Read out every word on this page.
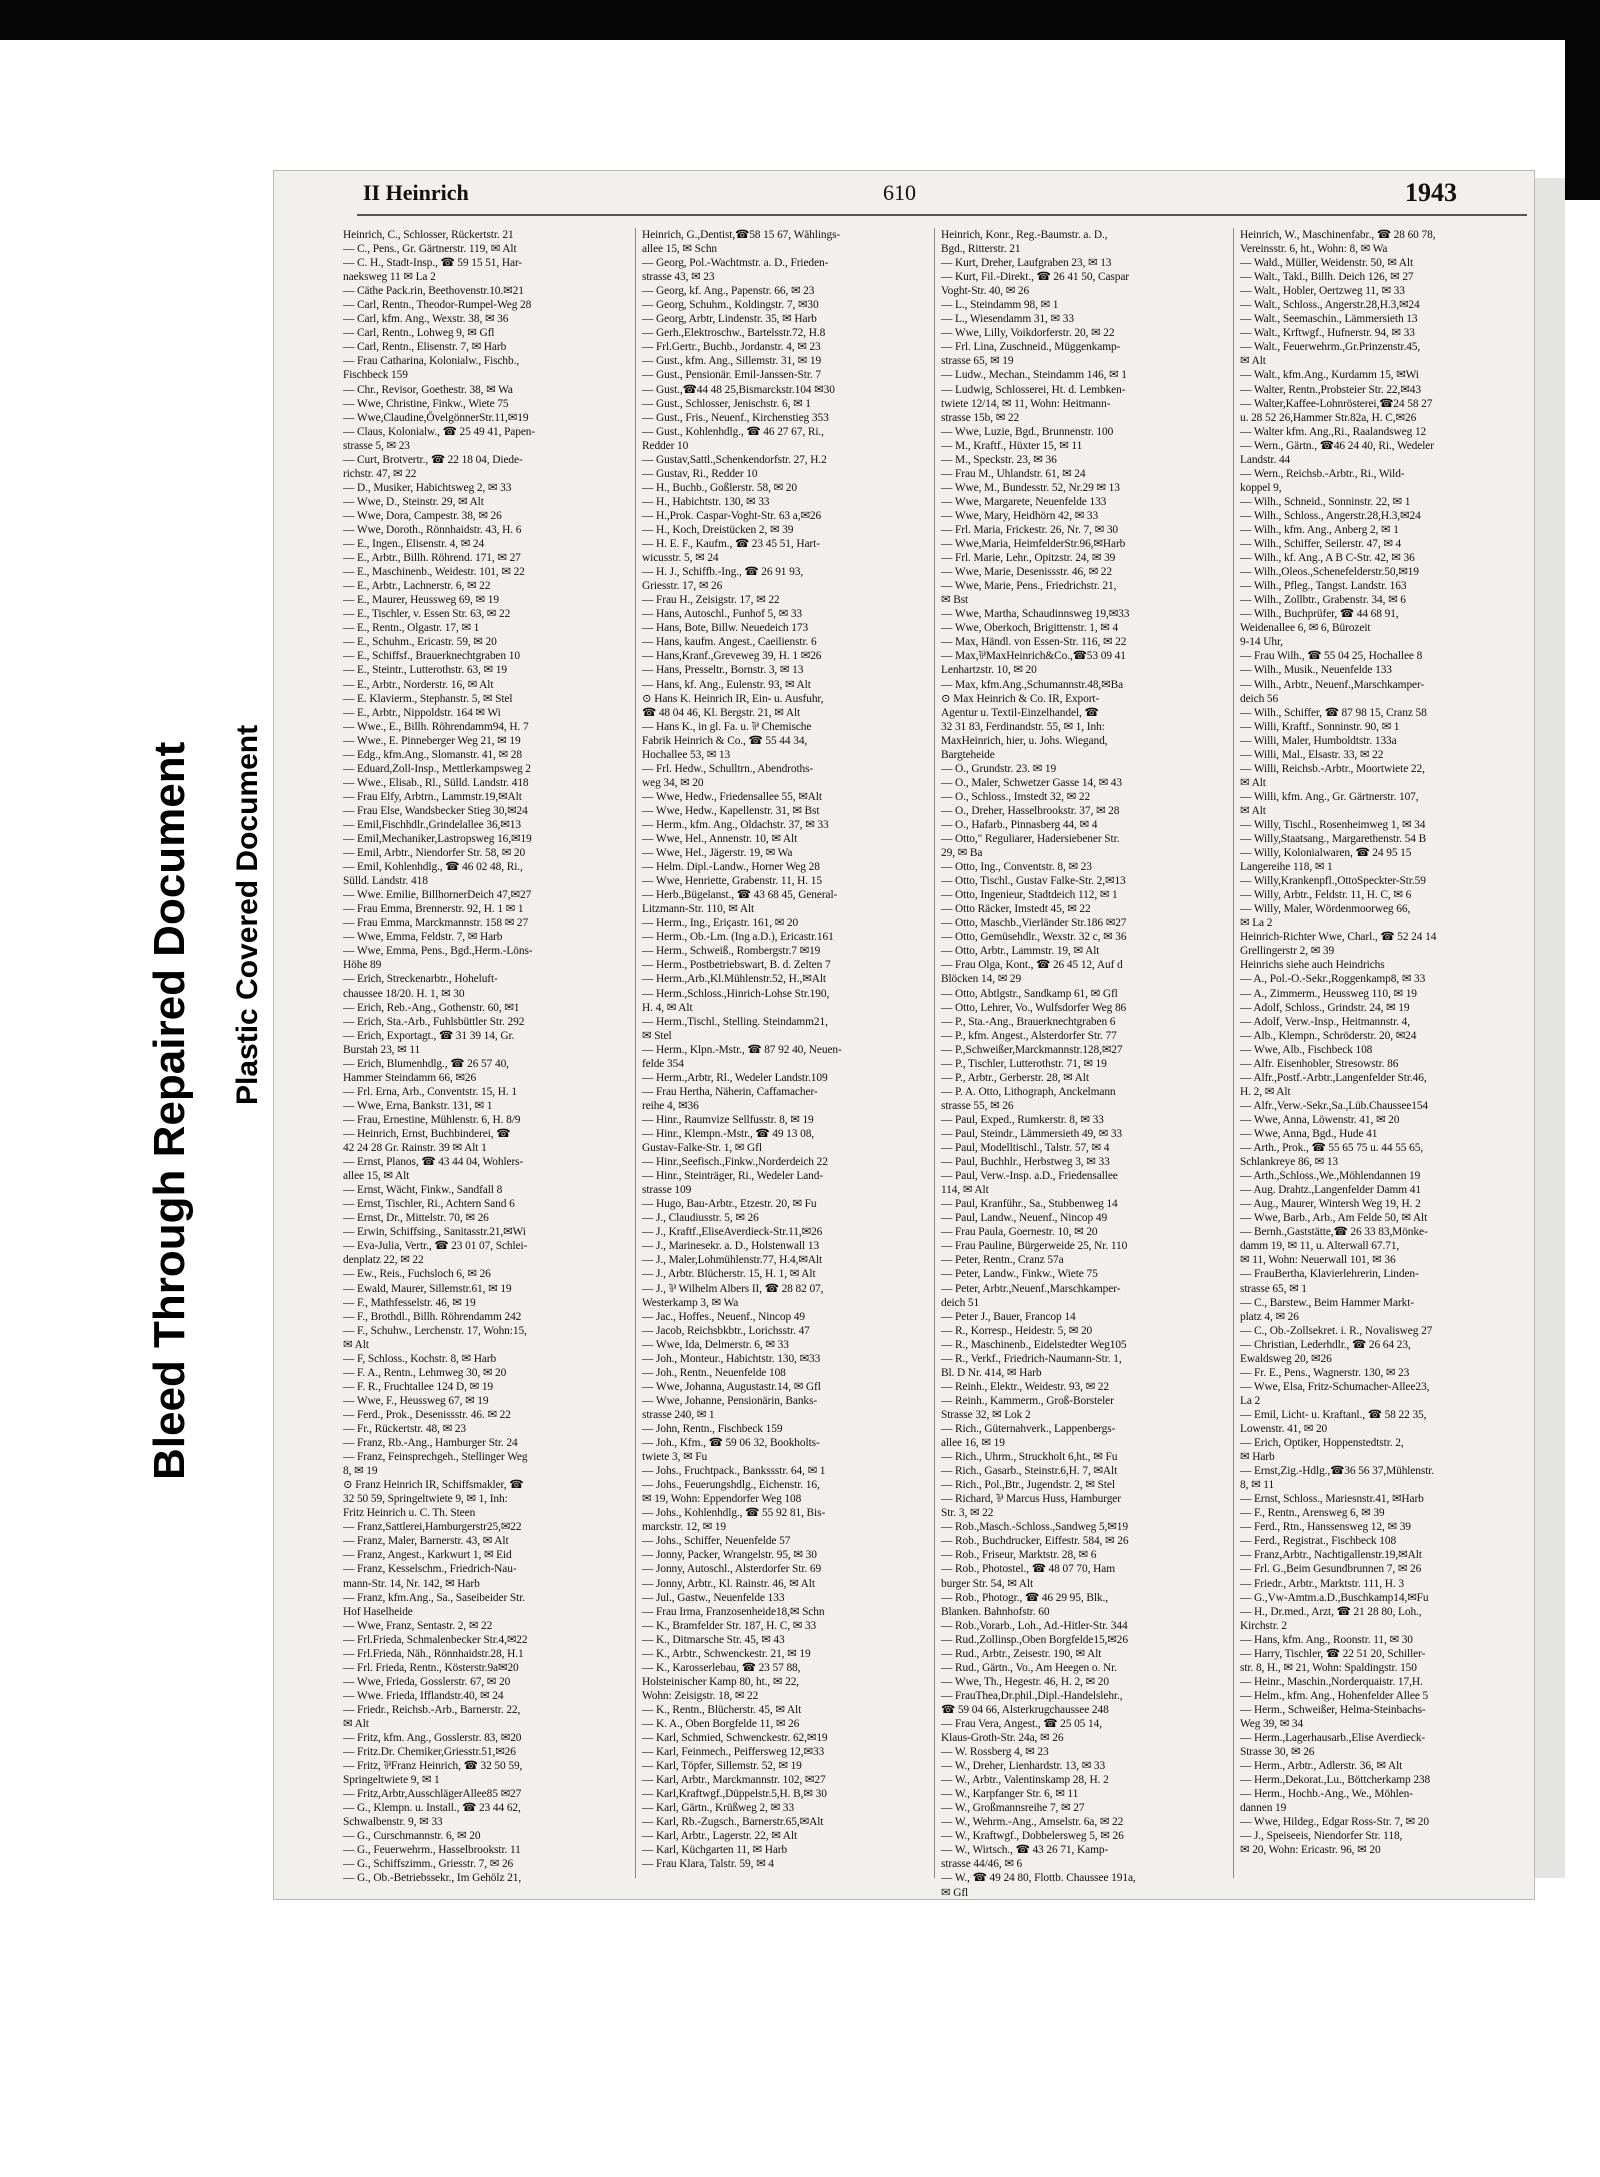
Bleed Through Repaired Document Plastic Covered Document
II Heinrich	610	1943
Heinrich, C., Schlosser, Rückertstr. 21
— C., Pens., Gr. Gärtnerstr. 119, ✉ Alt
— C. H., Stadt-Insp., ☎ 59 15 51, Har-
naeksweg 11 ✉ La 2
— Cäthe Pack.rin, Beethovenstr.10.✉21
— Carl, Rentn., Theodor-Rumpel-Weg 28
— Carl, kfm. Ang., Wexstr. 38, ✉ 36
— Carl, Rentn., Lohweg 9, ✉ Gfl
— Carl, Rentn., Elisenstr. 7, ✉ Harb
— Frau Catharina, Kolonialw., Fischb.,
Fischbeck 159
— Chr., Revisor, Goethestr. 38, ✉ Wa
— Wwe, Christine, Finkw., Wiete 75
— Wwe,Claudine,ÖvelgönnerStr.11,✉19
— Claus, Kolonialw., ☎ 25 49 41, Papen-
strasse 5, ✉ 23
— Curt, Brotvertr., ☎ 22 18 04, Diede-
richstr. 47, ✉ 22
— D., Musiker, Habichtsweg 2, ✉ 33
— Wwe, D., Steinstr. 29, ✉ Alt
— Wwe, Dora, Campestr. 38, ✉ 26
— Wwe, Doroth., Rönnhaidstr. 43, H. 6
— E., Ingen., Elisenstr. 4, ✉ 24
— E., Arbtr., Billh. Röhrend. 171, ✉ 27
— E., Maschinenb., Weidestr. 101, ✉ 22
— E., Arbtr., Lachnerstr. 6, ✉ 22
— E., Maurer, Heussweg 69, ✉ 19
— E., Tischler, v. Essen Str. 63, ✉ 22
— E., Rentn., Olgastr. 17, ✉ 1
— E., Schuhm., Ericastr. 59, ✉ 20
— E., Schiffsf., Brauerknechtgraben 10
— E., Steintr., Lutterothstr. 63, ✉ 19
— E., Arbtr., Norderstr. 16, ✉ Alt
— E. Klavierm., Stephanstr. 5, ✉ Stel
— E., Arbtr., Nippoldstr. 164 ✉ Wi
— Wwe., E., Billh. Röhrendamm94, H. 7
— Wwe., E. Pinneberger Weg 21, ✉ 19
— Edg., kfm.Ang., Slomanstr. 41, ✉ 28
— Eduard,Zoll-Insp., Mettlerkampsweg 2
— Wwe., Elisab., Rl., Sülld. Landstr. 418
— Frau Elfy, Arbtrn., Lammstr.19,✉Alt
— Frau Else, Wandsbecker Stieg 30,✉24
— Emil,Fischhdlr.,Grindelallee 36,✉13
— Emil,Mechaniker,Lastropsweg 16,✉19
— Emil, Arbtr., Niendorfer Str. 58, ✉ 20
— Emil, Kohlenhdlg., ☎ 46 02 48, Ri.,
Sülld. Landstr. 418
— Wwe. Emilie, BillhornerDeich 47,✉27
— Frau Emma, Brennerstr. 92, H. 1 ✉ 1
— Frau Emma, Marckmannstr. 158 ✉ 27
— Wwe, Emma, Feldstr. 7, ✉ Harb
— Wwe, Emma, Pens., Bgd.,Herm.-Löns-
Höhe 89
— Erich, Streckenarbtr., Hoheluft-
chaussee 18/20. H. 1, ✉ 30
— Erich, Reb.-Ang., Gothenstr. 60, ✉1
— Erich, Sta.-Arb., Fuhlsbüttler Str. 292
— Erich, Exportagt., ☎ 31 39 14, Gr.
Burstah 23, ✉ 11
— Erich, Blumenhdlg., ☎ 26 57 40,
Hammer Steindamm 66, ✉26
— Frl. Erna, Arb., Conventstr. 15, H. 1
— Wwe, Erna, Bankstr. 131, ✉ 1
— Frau, Ernestine, Mühlenstr. 6, H. 8/9
— Heinrich, Ernst, Buchbinderei, ☎
42 24 28 Gr. Rainstr. 39 ✉ Alt 1
— Ernst, Planos, ☎ 43 44 04, Wohlers-
allee 15, ✉ Alt
— Ernst, Wächt, Finkw., Sandfall 8
— Ernst, Tischler, Ri., Achtern Sand 6
— Ernst, Dr., Mittelstr. 70, ✉ 26
— Erwin, Schiffsing., Sanitasstr.21,✉Wi
— Eva-Julia, Vertr., ☎ 23 01 07, Schlei-
denplatz 22, ✉ 22
— Ew., Reis., Fuchsloch 6, ✉ 26
— Ewald, Maurer, Sillemstr.61, ✉ 19
— F., Mathfesselstr. 46, ✉ 19
— F., Brothdl., Billh. Röhrendamm 242
— F., Schuhw., Lerchenstr. 17, Wohn:15,
✉ Alt
— F, Schloss., Kochstr. 8, ✉ Harb
— F. A., Rentn., Lehmweg 30, ✉ 20
— F. R., Fruchtallee 124 D, ✉ 19
— Wwe, F., Heussweg 67, ✉ 19
— Ferd., Prok., Desenissstr. 46. ✉ 22
— Fr., Rückertstr. 48, ✉ 23
— Franz, Rb.-Ang., Hamburger Str. 24
— Franz, Feinsprechgeh., Stellinger Weg
8, ✉ 19
⊙ Franz Heinrich IR, Schiffsmakler, ☎
32 50 59, Springeltwiete 9, ✉ 1, Inh:
Fritz Heinrich u. C. Th. Steen
— Franz,Sattlerei,Hamburgerstr25,✉22
— Franz, Maler, Barnerstr. 43, ✉ Alt
— Franz, Angest., Karkwurt 1, ✉ Eid
— Franz, Kesselschm., Friedrich-Nau-
mann-Str. 14, Nr. 142, ✉ Harb
— Franz, kfm.Ang., Sa., Saseibeider Str.
Hof Haselheide
— Wwe, Franz, Sentastr. 2, ✉ 22
— Frl.Frieda, Schmalenbecker Str.4,✉22
— Frl.Frieda, Näh., Rönnhaidstr.28, H.1
— Frl. Frieda, Rentn., Kösterstr.9a✉20
— Wwe, Frieda, Gosslerstr. 67, ✉ 20
— Wwe. Frieda, Ifflandstr.40, ✉ 24
— Friedr., Reichsb.-Arb., Barnerstr. 22,
✉ Alt
— Fritz, kfm. Ang., Gosslerstr. 83, ✉20
— Fritz.Dr. Chemiker,Griesstr.51,✉26
— Fritz, ⅌Franz Heinrich, ☎ 32 50 59,
Springeltwiete 9, ✉ 1
— Fritz,Arbtr,AusschlägerAllee85 ✉27
— G., Klempn. u. Install., ☎ 23 44 62,
Schwalbenstr. 9, ✉ 33
— G., Curschmannstr. 6, ✉ 20
— G., Feuerwehrm., Hasselbrookstr. 11
— G., Schiffszimm., Griesstr. 7, ✉ 26
— G., Ob.-Betriebssekr., Im Gehölz 21,
Heinrich, G.,Dentist,☎58 15 67, Wählings-
allee 15, ✉ Schn
— Georg, Pol.-Wachtmstr. a. D., Frieden-
strasse 43, ✉ 23
— Georg, kf. Ang., Papenstr. 66, ✉ 23
— Georg, Schuhm., Koldingstr. 7, ✉30
— Georg, Arbtr, Lindenstr. 35, ✉ Harb
— Gerh.,Elektroschw., Bartelsstr.72, H.8
— Frl.Gertr., Buchb., Jordanstr. 4, ✉ 23
— Gust., kfm. Ang., Sillemstr. 31, ✉ 19
— Gust., Pensionär. Emil-Janssen-Str. 7
— Gust.,☎44 48 25,Bismarckstr.104 ✉30
— Gust., Schlosser, Jenischstr. 6, ✉ 1
— Gust., Fris., Neuenf., Kirchenstieg 353
— Gust., Kohlenhdlg., ☎ 46 27 67, Ri.,
Redder 10
— Gustav,Sattl.,Schenkendorfstr. 27, H.2
— Gustav, Ri., Redder 10
— H., Buchb., Goßlerstr. 58, ✉ 20
— H., Habichtstr. 130, ✉ 33
— H.,Prok. Caspar-Voght-Str. 63 a,✉26
— H., Koch, Dreistücken 2, ✉ 39
— H. E. F., Kaufm., ☎ 23 45 51, Hart-
wicusstr. 5, ✉ 24
— H. J., Schiffb.-Ing., ☎ 26 91 93,
Griesstr. 17, ✉ 26
— Frau H., Zeisigstr. 17, ✉ 22
— Hans, Autoschl., Funhof 5, ✉ 33
— Hans, Bote, Billw. Neuedeich 173
— Hans, kaufm. Angest., Caeilienstr. 6
— Hans,Kranf.,Greveweg 39, H. 1 ✉26
— Hans, Presseltr., Bornstr. 3, ✉ 13
— Hans, kf. Ang., Eulenstr. 93, ✉ Alt
⊙ Hans K. Heinrich IR, Ein- u. Ausfuhr,
☎ 48 04 46, Kl. Bergstr. 21, ✉ Alt
— Hans K., in gl. Fa. u. ⅌ Chemische
Fabrik Heinrich & Co., ☎ 55 44 34,
Hochallee 53, ✉ 13
— Frl. Hedw., Schulltrn., Abendroths-
weg 34, ✉ 20
— Wwe, Hedw., Friedensallee 55, ✉Alt
— Wwe, Hedw., Kapellenstr. 31, ✉ Bst
— Herm., kfm. Ang., Oldachstr. 37, ✉ 33
— Wwe, Hel., Annenstr. 10, ✉ Alt
— Wwe, Hel., Jägerstr. 19, ✉ Wa
— Helm. Dipl.-Landw., Horner Weg 28
— Wwe, Henriette, Grabenstr. 11, H. 15
— Herb.,Bügelanst., ☎ 43 68 45, General-
Litzmann-Str. 110, ✉ Alt
— Herm., Ing., Eriçastr. 161, ✉ 20
— Herm., Ob.-Lm. (Ing a.D.), Ericastr.161
— Herm., Schweiß., Rombergstr.7 ✉19
— Herm., Postbetriebswart, B. d. Zelten 7
— Herm.,Arb.,Kl.Mühlenstr.52, H.,✉Alt
— Herm.,Schloss.,Hinrich-Lohse Str.190,
H. 4, ✉ Alt
— Herm.,Tischl., Stelling. Steindamm21,
✉ Stel
— Herm., Klpn.-Mstr., ☎ 87 92 40, Neuen-
felde 354
— Herm.,Arbtr, Rl., Wedeler Landstr.109
— Frau Hertha, Näherin, Caffamacher-
reihe 4, ✉36
— Hinr., Raumvize Sellfusstr. 8, ✉ 19
— Hinr., Klempn.-Mstr., ☎ 49 13 08,
Gustav-Falke-Str. 1, ✉ Gfl
— Hinr.,Seefisch.,Finkw.,Norderdeich 22
— Hinr., Steinträger, Ri., Wedeler Land-
strasse 109
— Hugo, Bau-Arbtr., Etzestr. 20, ✉ Fu
— J., Claudiusstr. 5, ✉ 26
— J., Kraftf.,EliseAverdieck-Str.11,✉26
— J., Marinesekr. a. D., Holstenwall 13
— J., Maler,Lohmühlenstr.77, H.4,✉Alt
— J., Arbtr. Blücherstr. 15, H. 1, ✉ Alt
— J., ⅌ Wilhelm Albers II, ☎ 28 82 07,
Westerkamp 3, ✉ Wa
— Jac., Hoffes., Neuenf., Nincop 49
— Jacob, Reichsbkbtr., Lorichsstr. 47
— Wwe, Ida, Delmerstr. 6, ✉ 33
— Joh., Monteur., Habichtstr. 130, ✉33
— Joh., Rentn., Neuenfelde 108
— Wwe, Johanna, Augustastr.14, ✉ Gfl
— Wwe, Johanne, Pensionärin, Banks-
strasse 240, ✉ 1
— John, Rentn., Fischbeck 159
— Joh., Kfm., ☎ 59 06 32, Bookholts-
twiete 3, ✉ Fu
— Johs., Fruchtpack., Bankssstr. 64, ✉ 1
— Johs., Feuerungshdlg., Eichenstr. 16,
✉ 19, Wohn: Eppendorfer Weg 108
— Johs., Kohlenhdlg., ☎ 55 92 81, Bis-
marckstr. 12, ✉ 19
— Johs., Schiffer, Neuenfelde 57
— Jonny, Packer, Wrangelstr. 95, ✉ 30
— Jonny, Autoschl., Alsterdorfer Str. 69
— Jonny, Arbtr., Kl. Rainstr. 46, ✉ Alt
— Jul., Gastw., Neuenfelde 133
— Frau Irma, Franzosenheide18,✉ Schn
— K., Bramfelder Str. 187, H. C, ✉ 33
— K., Ditmarsche Str. 45, ✉ 43
— K., Arbtr., Schwenckestr. 21, ✉ 19
— K., Karosserlebau, ☎ 23 57 88,
Holsteinischer Kamp 80, ht., ✉ 22,
Wohn: Zeisigstr. 18, ✉ 22
— K., Rentn., Blücherstr. 45, ✉ Alt
— K. A., Oben Borgfelde 11, ✉ 26
— Karl, Schmied, Schwenckestr. 62,✉19
— Karl, Feinmech., Peiffersweg 12,✉33
— Karl, Töpfer, Sillemstr. 52, ✉ 19
— Karl, Arbtr., Marckmannstr. 102, ✉27
— Karl,Kraftwgf.,Düppelstr.5,H. B,✉ 30
— Karl, Gärtn., Krüßweg 2, ✉ 33
— Karl, Rb.-Zugsch., Barnerstr.65,✉Alt
— Karl, Arbtr., Lagerstr. 22, ✉ Alt
— Karl, Küchgarten 11, ✉ Harb
— Frau Klara, Talstr. 59, ✉ 4
Heinrich, Konr., Reg.-Baumstr. a. D.,
Bgd., Ritterstr. 21
— Kurt, Dreher, Laufgraben 23, ✉ 13
— Kurt, Fil.-Direkt., ☎ 26 41 50, Caspar
Voght-Str. 40, ✉ 26
— L., Steindamm 98, ✉ 1
— L., Wiesendamm 31, ✉ 33
— Wwe, Lilly, Voikdorferstr. 20, ✉ 22
— Frl. Lina, Zuschneid., Müggenkamp-
strasse 65, ✉ 19
— Ludw., Mechan., Steindamm 146, ✉ 1
— Ludwig, Schlosserei, Ht. d. Lembken-
twiete 12/14, ✉ 11, Wohn: Heitmann-
strasse 15b, ✉ 22
— Wwe, Luzie, Bgd., Brunnenstr. 100
— M., Kraftf., Hüxter 15, ✉ 11
— M., Speckstr. 23, ✉ 36
— Frau M., Uhlandstr. 61, ✉ 24
— Wwe, M., Bundesstr. 52, Nr.29 ✉ 13
— Wwe, Margarete, Neuenfelde 133
— Wwe, Mary, Heidhörn 42, ✉ 33
— Frl. Maria, Frickestr. 26, Nr. 7, ✉ 30
— Wwe,Maria, HeimfelderStr.96,✉Harb
— Frl. Marie, Lehr., Opitzstr. 24, ✉ 39
— Wwe, Marie, Desenissstr. 46, ✉ 22
— Wwe, Marie, Pens., Friedrichstr. 21,
✉ Bst
— Wwe, Martha, Schaudinnsweg 19,✉33
— Wwe, Oberkoch, Brigittenstr. 1, ✉ 4
— Max, Händl. von Essen-Str. 116, ✉ 22
— Max,⅌MaxHeinrich&Co.,☎53 09 41
Lenhartzstr. 10, ✉ 20
— Max, kfm.Ang.,Schumannstr.48,✉Ba
⊙ Max Heinrich & Co. IR, Export-
Agentur u. Textil-Einzelhandel, ☎
32 31 83, Ferdinandstr. 55, ✉ 1, Inh:
MaxHeinrich, hier, u. Johs. Wiegand,
Bargteheide
— O., Grundstr. 23. ✉ 19
— O., Maler, Schwetzer Gasse 14, ✉ 43
— O., Schloss., Imstedt 32, ✉ 22
— O., Dreher, Hasselbrookstr. 37, ✉ 28
— O., Hafarb., Pinnasberg 44, ✉ 4
— Otto," Reguliarer, Hadersiebener Str.
29, ✉ Ba
— Otto, Ing., Conventstr. 8, ✉ 23
— Otto, Tischl., Gustav Falke-Str. 2,✉13
— Otto, Ingenieur, Stadtdeich 112, ✉ 1
— Otto Räcker, Imstedt 45, ✉ 22
— Otto, Maschb.,Vierländer Str.186 ✉27
— Otto, Gemüsehdlr., Wexstr. 32 c, ✉ 36
— Otto, Arbtr., Lammstr. 19, ✉ Alt
— Frau Olga, Kont., ☎ 26 45 12, Auf d
Blöcken 14, ✉ 29
— Otto, Abtlgstr., Sandkamp 61, ✉ Gfl
— Otto, Lehrer, Vo., Wulfsdorfer Weg 86
— P., Sta.-Ang., Brauerknechtgraben 6
— P., kfm. Angest., Alsterdorfer Str. 77
— P.,Schweißer,Marckmannstr.128,✉27
— P., Tischler, Lutterothstr. 71, ✉ 19
— P., Arbtr., Gerberstr. 28, ✉ Alt
— P. A. Otto, Lithograph, Anckelmann
strasse 55, ✉ 26
— Paul, Exped., Rumkerstr. 8, ✉ 33
— Paul, Steindr., Lämmersieth 49, ✉ 33
— Paul, Modelltischl., Talstr. 57, ✉ 4
— Paul, Buchhlr., Herbstweg 3, ✉ 33
— Paul, Verw.-Insp. a.D., Friedensallee
114, ✉ Alt
— Paul, Kranführ., Sa., Stubbenweg 14
— Paul, Landw., Neuenf., Nincop 49
— Frau Paula, Goernestr. 10, ✉ 20
— Frau Pauline, Bürgerweide 25, Nr. 110
— Peter, Rentn., Cranz 57a
— Peter, Landw., Finkw., Wiete 75
— Peter, Arbtr.,Neuenf.,Marschkamper-
deich 51
— Peter J., Bauer, Francop 14
— R., Korresp., Heidestr. 5, ✉ 20
— R., Maschinenb., Eidelstedter Weg105
— R., Verkf., Friedrich-Naumann-Str. 1,
Bl. D Nr. 414, ✉ Harb
— Reinh., Elektr., Weidestr. 93, ✉ 22
— Reinh., Kammerm., Groß-Borsteler
Strasse 32, ✉ Lok 2
— Rich., Güternahverk., Lappenbergs-
allee 16, ✉ 19
— Rich., Uhrm., Struckholt 6,ht., ✉ Fu
— Rich., Gasarb., Steinstr.6,H. 7, ✉Alt
— Rich., Pol.,Btr., Jugendstr. 2, ✉ Stel
— Richard, ⅌ Marcus Huss, Hamburger
Str. 3, ✉ 22
— Rob.,Masch.-Schloss.,Sandweg 5,✉19
— Rob., Buchdrucker, Eiffestr. 584, ✉ 26
— Rob., Friseur, Marktstr. 28, ✉ 6
— Rob., Photostel., ☎ 48 07 70, Ham
burger Str. 54, ✉ Alt
— Rob., Photogr., ☎ 46 29 95, Blk.,
Blanken. Bahnhofstr. 60
— Rob.,Vorarb., Loh., Ad.-Hitler-Str. 344
— Rud.,Zollinsp.,Oben Borgfelde15,✉26
— Rud., Arbtr., Zeisestr. 190, ✉ Alt
— Rud., Gärtn., Vo., Am Heegen o. Nr.
— Wwe, Th., Hegestr. 46, H. 2, ✉ 20
— FrauThea,Dr.phil.,Dipl.-Handelslehr.,
☎ 59 04 66, Alsterkrugchaussee 248
— Frau Vera, Angest., ☎ 25 05 14,
Klaus-Groth-Str. 24a, ✉ 26
— W. Rossberg 4, ✉ 23
— W., Dreher, Lienhardstr. 13, ✉ 33
— W., Arbtr., Valentinskamp 28, H. 2
— W., Karpfanger Str. 6, ✉ 11
— W., Großmannsreihe 7, ✉ 27
— W., Wehrm.-Ang., Amselstr. 6a, ✉ 22
— W., Kraftwgf., Dobbelersweg 5, ✉ 26
— W., Wirtsch., ☎ 43 26 71, Kamp-
strasse 44/46, ✉ 6
— W., ☎ 49 24 80, Flottb. Chaussee 191a,
✉ Gfl
Heinrich, W., Maschinenfabr., ☎ 28 60 78,
Vereinsstr. 6, ht., Wohn: 8, ✉ Wa
— Wald., Müller, Weidenstr. 50, ✉ Alt
— Walt., Takl., Billh. Deich 126, ✉ 27
— Walt., Hobler, Oertzweg 11, ✉ 33
— Walt., Schloss., Angerstr.28,H.3,✉24
— Walt., Seemaschin., Lämmersieth 13
— Walt., Krftwgf., Hufnerstr. 94, ✉ 33
— Walt., Feuerwehrm.,Gr.Prinzenstr.45,
✉ Alt
— Walt., kfm.Ang., Kurdamm 15, ✉Wi
— Walter, Rentn.,Probsteier Str. 22,✉43
— Walter,Kaffee-Lohnrösterei,☎24 58 27
u. 28 52 26,Hammer Str.82a, H. C,✉26
— Walter kfm. Ang.,Ri., Raalandsweg 12
— Wern., Gärtn., ☎46 24 40, Ri., Wedeler
Landstr. 44
— Wern., Reichsb.-Arbtr., Ri., Wild-
koppel 9,
— Wilh., Schneid., Sonninstr. 22, ✉ 1
— Wilh., Schloss., Angerstr.28,H.3,✉24
— Wilh., kfm. Ang., Anberg 2, ✉ 1
— Wilh., Schiffer, Seilerstr. 47, ✉ 4
— Wilh., kf. Ang., A B C-Str. 42, ✉ 36
— Wilh.,Oleos.,Schenefelderstr.50,✉19
— Wilh., Pfleg., Tangst. Landstr. 163
— Wilh., Zollbtr., Grabenstr. 34, ✉ 6
— Wilh., Buchprüfer, ☎ 44 68 91,
Weidenallee 6, ✉ 6, Bürozeit
9-14 Uhr,
— Frau Wilh., ☎ 55 04 25, Hochallee 8
— Wilh., Musik., Neuenfelde 133
— Wilh., Arbtr., Neuenf.,Marschkamper-
deich 56
— Wilh., Schiffer, ☎ 87 98 15, Cranz 58
— Willi, Kraftf., Sonninstr. 90, ✉ 1
— Willi, Maler, Humboldtstr. 133a
— Willi, Mal., Elsastr. 33, ✉ 22
— Willi, Reichsb.-Arbtr., Moortwiete 22,
✉ Alt
— Willi, kfm. Ang., Gr. Gärtnerstr. 107,
✉ Alt
— Willy, Tischl., Rosenheimweg 1, ✉ 34
— Willy,Staatsang., Margarethenstr. 54 B
— Willy, Kolonialwaren, ☎ 24 95 15
Langereihe 118, ✉ 1
— Willy,Krankenpfl.,OttoSpeckter-Str.59
— Willy, Arbtr., Feldstr. 11, H. C, ✉ 6
— Willy, Maler, Wördenmoorweg 66,
✉ La 2
Heinrich-Richter Wwe, Charl., ☎ 52 24 14
Grellingerstr 2, ✉ 39
Heinrichs siehe auch Heindrichs
— A., Pol.-O.-Sekr.,Roggenkamp8, ✉ 33
— A., Zimmerm., Heussweg 110, ✉ 19
— Adolf, Schloss., Grindstr. 24, ✉ 19
— Adolf, Verw.-Insp., Heitmannstr. 4,
— Alb., Klempn., Schröderstr. 20, ✉24
— Wwe, Alb., Fischbeck 108
— Alfr. Eisenhobler, Stresowstr. 86
— Alfr.,Postf.-Arbtr.,Langenfelder Str.46,
H. 2, ✉ Alt
— Alfr.,Verw.-Sekr.,Sa.,Lüb.Chaussee154
— Wwe, Anna, Löwenstr. 41, ✉ 20
— Wwe, Anna, Bgd., Hude 41
— Arth., Prok., ☎ 55 65 75 u. 44 55 65,
Schlankreye 86, ✉ 13
— Arth.,Schloss.,We.,Möhlendannen 19
— Aug. Drahtz.,Langenfelder Damm 41
— Aug., Maurer, Wintersh Weg 19, H. 2
— Wwe, Barb., Arb., Am Felde 50, ✉ Alt
— Bernh.,Gaststätte,☎ 26 33 83,Mönke-
damm 19, ✉ 11, u. Alterwall 67.71,
✉ 11, Wohn: Neuerwall 101, ✉ 36
— FrauBertha, Klavierlehrerin, Linden-
strasse 65, ✉ 1
— C., Barstew., Beim Hammer Markt-
platz 4, ✉ 26
— C., Ob.-Zollsekret. i. R., Novalisweg 27
— Christian, Lederhdlr., ☎ 26 64 23,
Ewaldsweg 20, ✉26
— Fr. E., Pens., Wagnerstr. 130, ✉ 23
— Wwe, Elsa, Fritz-Schumacher-Allee23,
La 2
— Emil, Licht- u. Kraftanl., ☎ 58 22 35,
Lowenstr. 41, ✉ 20
— Erich, Optiker, Hoppenstedtstr. 2,
✉ Harb
— Ernst,Zig.-Hdlg.,☎36 56 37,Mühlenstr.
8, ✉ 11
— Ernst, Schloss., Mariesnstr.41, ✉Harb
— F., Rentn., Arensweg 6, ✉ 39
— Ferd., Rtn., Hanssensweg 12, ✉ 39
— Ferd., Registrat., Fischbeck 108
— Franz,Arbtr., Nachtigallenstr.19,✉Alt
— Frl. G.,Beim Gesundbrunnen 7, ✉ 26
— Friedr., Arbtr., Marktstr. 111, H. 3
— G.,Vw-Amtm.a.D.,Buschkamp14,✉Fu
— H., Dr.med., Arzt, ☎ 21 28 80, Loh.,
Kirchstr. 2
— Hans, kfm. Ang., Roonstr. 11, ✉ 30
— Harry, Tischler, ☎ 22 51 20, Schiller-
str. 8, H., ✉ 21, Wohn: Spaldingstr. 150
— Heinr., Maschin.,Norderquaistr. 17,H.
— Helm., kfm. Ang., Hohenfelder Allee 5
— Herm., Schweißer, Helma-Steinbachs-
Weg 39, ✉ 34
— Herm.,Lagerhausarb.,Elise Averdieck-
Strasse 30, ✉ 26
— Herm., Arbtr., Adlerstr. 36, ✉ Alt
— Herm.,Dekorat.,Lu., Böttcherkamp 238
— Herm., Hochb.-Ang., We., Möhlen-
dannen 19
— Wwe, Hildeg., Edgar Ross-Str. 7, ✉ 20
— J., Speiseeis, Niendorfer Str. 118,
✉ 20, Wohn: Ericastr. 96, ✉ 20
